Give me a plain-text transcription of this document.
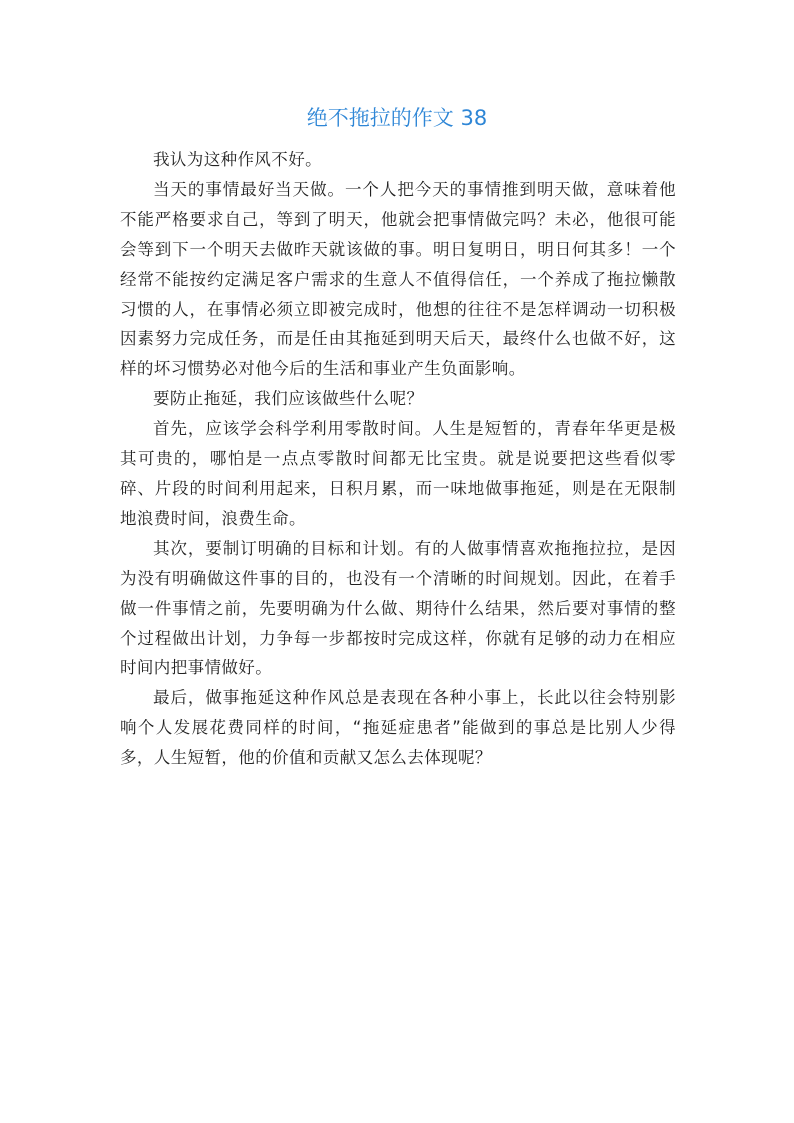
绝不拖拉的作文 38

我认为这种作风不好。

当天的事情最好当天做。一个人把今天的事情推到明天做，意味着他不能严格要求自己，等到了明天，他就会把事情做完吗？未必，他很可能会等到下一个明天去做昨天就该做的事。明日复明日，明日何其多！一个经常不能按约定满足客户需求的生意人不值得信任，一个养成了拖拉懒散习惯的人，在事情必须立即被完成时，他想的往往不是怎样调动一切积极因素努力完成任务，而是任由其拖延到明天后天，最终什么也做不好，这样的坏习惯势必对他今后的生活和事业产生负面影响。

要防止拖延，我们应该做些什么呢？

首先，应该学会科学利用零散时间。人生是短暂的，青春年华更是极其可贵的，哪怕是一点点零散时间都无比宝贵。就是说要把这些看似零碎、片段的时间利用起来，日积月累，而一味地做事拖延，则是在无限制地浪费时间，浪费生命。

其次，要制订明确的目标和计划。有的人做事情喜欢拖拖拉拉，是因为没有明确做这件事的目的，也没有一个清晰的时间规划。因此，在着手做一件事情之前，先要明确为什么做、期待什么结果，然后要对事情的整个过程做出计划，力争每一步都按时完成这样，你就有足够的动力在相应时间内把事情做好。

最后，做事拖延这种作风总是表现在各种小事上，长此以往会特别影响个人发展花费同样的时间，“拖延症患者”能做到的事总是比别人少得多，人生短暂，他的价值和贡献又怎么去体现呢？
